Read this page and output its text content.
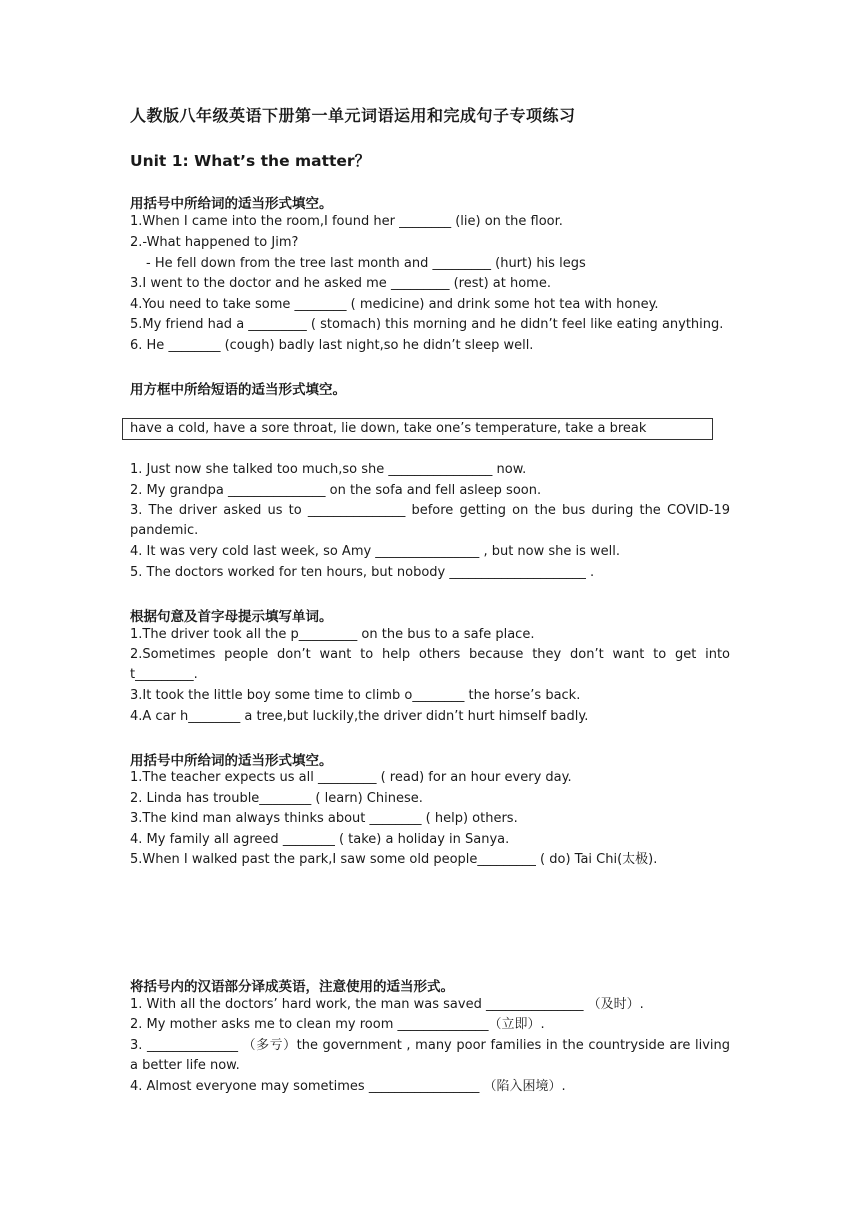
人教版八年级英语下册第一单元词语运用和完成句子专项练习
Unit 1: What’s the matter？
用括号中所给词的适当形式填空。
1.When I came into the room,I found her ________ (lie) on the floor.
2.-What happened to Jim?
- He fell down from the tree last month and _________ (hurt) his legs
3.I went to the doctor and he asked me _________ (rest) at home.
4.You need to take some ________ ( medicine) and drink some hot tea with honey.
5.My friend had a _________ ( stomach) this morning and he didn’t feel like eating anything.
6. He ________ (cough) badly last night,so he didn’t sleep well.
用方框中所给短语的适当形式填空。
have a cold, have a sore throat, lie down, take one’s temperature, take a break
1. Just now she talked too much,so she ________________ now.
2. My grandpa _______________ on the sofa and fell asleep soon.
3. The driver asked us to _______________ before getting on the bus during the COVID-19 pandemic.
4. It was very cold last week, so Amy ________________ , but now she is well.
5. The doctors worked for ten hours, but nobody _____________________ .
根据句意及首字母提示填写单词。
1.The driver took all the p_________ on the bus to a safe place.
2.Sometimes people don’t want to help others because they don’t want to get into t_________.
3.It took the little boy some time to climb o________ the horse’s back.
4.A car h________ a tree,but luckily,the driver didn’t hurt himself badly.
用括号中所给词的适当形式填空。
1.The teacher expects us all _________ ( read) for an hour every day.
2. Linda has trouble________ ( learn) Chinese.
3.The kind man always thinks about ________ ( help) others.
4. My family all agreed ________ ( take) a holiday in Sanya.
5.When I walked past the park,I saw some old people_________ ( do) Tai Chi(太极).
将括号内的汉语部分译成英语，注意使用的适当形式。
1. With all the doctors’ hard work, the man was saved _______________ （及时）.
2. My mother asks me to clean my room ______________（立即）.
3. ______________ （多亏）the government , many poor families in the countryside are living a better life now.
4. Almost everyone may sometimes _________________ （陷入困境）.
